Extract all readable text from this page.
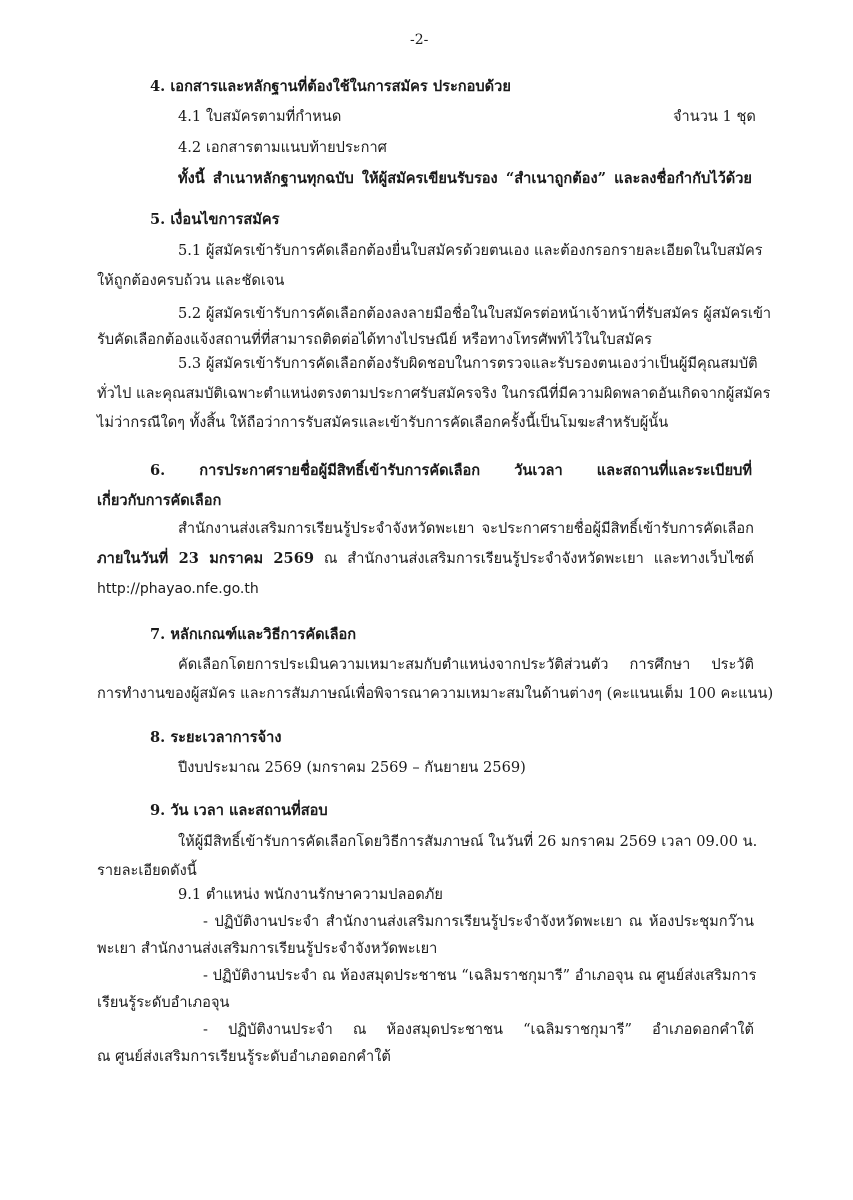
-2-
4. เอกสารและหลักฐานที่ต้องใช้ในการสมัคร ประกอบด้วย
4.1 ใบสมัครตามที่กำหนด	จำนวน 1 ชุด
4.2 เอกสารตามแนบท้ายประกาศ
ทั้งนี้ สำเนาหลักฐานทุกฉบับ ให้ผู้สมัครเขียนรับรอง “สำเนาถูกต้อง” และลงชื่อกำกับไว้ด้วย
5. เงื่อนไขการสมัคร
5.1 ผู้สมัครเข้ารับการคัดเลือกต้องยื่นใบสมัครด้วยตนเอง และต้องกรอกรายละเอียดในใบสมัคร
ให้ถูกต้องครบถ้วน และชัดเจน
5.2 ผู้สมัครเข้ารับการคัดเลือกต้องลงลายมือชื่อในใบสมัครต่อหน้าเจ้าหน้าที่รับสมัคร ผู้สมัครเข้า
รับคัดเลือกต้องแจ้งสถานที่ที่สามารถติดต่อได้ทางไปรษณีย์ หรือทางโทรศัพท์ไว้ในใบสมัคร
5.3 ผู้สมัครเข้ารับการคัดเลือกต้องรับผิดชอบในการตรวจและรับรองตนเองว่าเป็นผู้มีคุณสมบัติ
ทั่วไป และคุณสมบัติเฉพาะตำแหน่งตรงตามประกาศรับสมัครจริง ในกรณีที่มีความผิดพลาดอันเกิดจากผู้สมัคร
ไม่ว่ากรณีใดๆ ทั้งสิ้น ให้ถือว่าการรับสมัครและเข้ารับการคัดเลือกครั้งนี้เป็นโมฆะสำหรับผู้นั้น
6. การประกาศรายชื่อผู้มีสิทธิ์เข้ารับการคัดเลือก วันเวลา และสถานที่และระเบียบที่
เกี่ยวกับการคัดเลือก
สำนักงานส่งเสริมการเรียนรู้ประจำจังหวัดพะเยา จะประกาศรายชื่อผู้มีสิทธิ์เข้ารับการคัดเลือก
ภายในวันที่ 23 มกราคม 2569 ณ สำนักงานส่งเสริมการเรียนรู้ประจำจังหวัดพะเยา และทางเว็บไซต์
http://phayao.nfe.go.th
7. หลักเกณฑ์และวิธีการคัดเลือก
คัดเลือกโดยการประเมินความเหมาะสมกับตำแหน่งจากประวัติส่วนตัว การศึกษา ประวัติ
การทำงานของผู้สมัคร และการสัมภาษณ์เพื่อพิจารณาความเหมาะสมในด้านต่างๆ (คะแนนเต็ม 100 คะแนน)
8. ระยะเวลาการจ้าง
ปีงบประมาณ 2569 (มกราคม 2569 – กันยายน 2569)
9. วัน เวลา และสถานที่สอบ
ให้ผู้มีสิทธิ์เข้ารับการคัดเลือกโดยวิธีการสัมภาษณ์ ในวันที่ 26 มกราคม 2569 เวลา 09.00 น.
รายละเอียดดังนี้
9.1 ตำแหน่ง พนักงานรักษาความปลอดภัย
- ปฏิบัติงานประจำ สำนักงานส่งเสริมการเรียนรู้ประจำจังหวัดพะเยา ณ ห้องประชุมกว๊าน
พะเยา สำนักงานส่งเสริมการเรียนรู้ประจำจังหวัดพะเยา
- ปฏิบัติงานประจำ ณ ห้องสมุดประชาชน “เฉลิมราชกุมารี” อำเภอจุน ณ ศูนย์ส่งเสริมการ
เรียนรู้ระดับอำเภอจุน
- ปฏิบัติงานประจำ ณ ห้องสมุดประชาชน “เฉลิมราชกุมารี” อำเภอดอกคำใต้
ณ ศูนย์ส่งเสริมการเรียนรู้ระดับอำเภอดอกคำใต้
